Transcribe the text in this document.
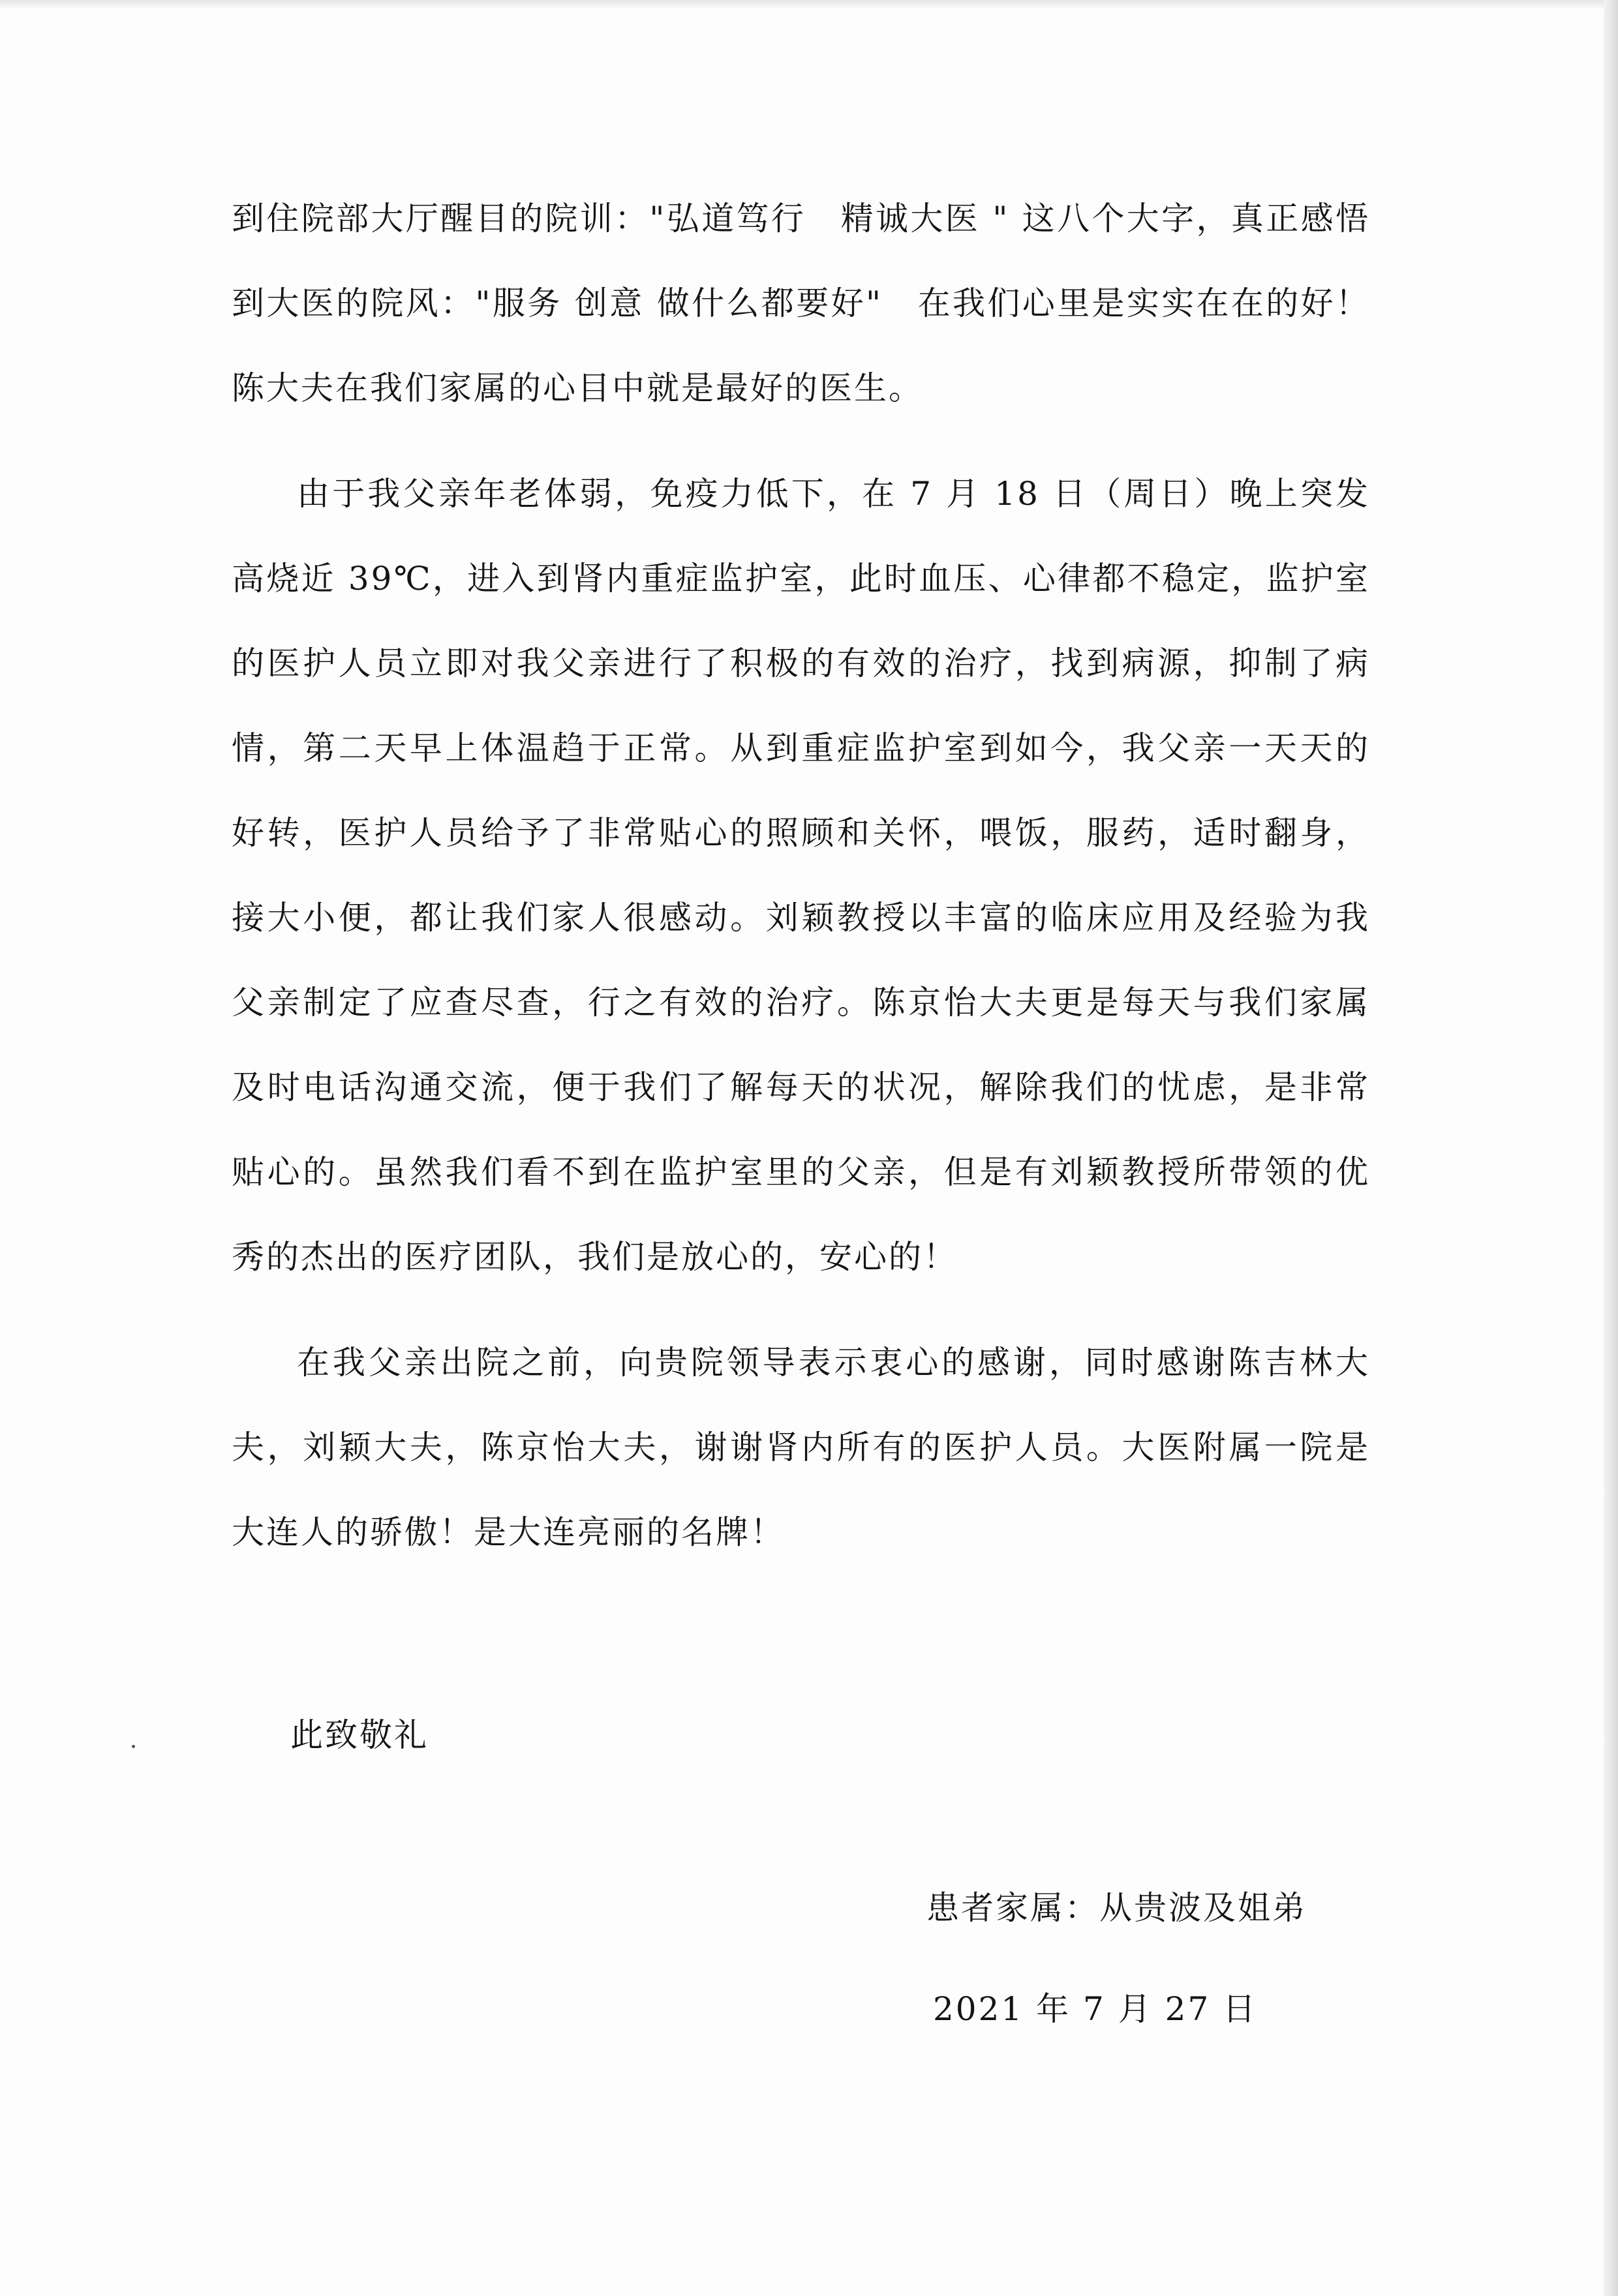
到住院部大厅醒目的院训："弘道笃行　精诚大医 " 这八个大字，真正感悟到大医的院风："服务 创意 做什么都要好"　在我们心里是实实在在的好！陈大夫在我们家属的心目中就是最好的医生。

由于我父亲年老体弱，免疫力低下，在 7 月 18 日（周日）晚上突发高烧近 39℃，进入到肾内重症监护室，此时血压、心律都不稳定，监护室的医护人员立即对我父亲进行了积极的有效的治疗，找到病源，抑制了病情，第二天早上体温趋于正常。从到重症监护室到如今，我父亲一天天的好转，医护人员给予了非常贴心的照顾和关怀，喂饭，服药，适时翻身，接大小便，都让我们家人很感动。刘颖教授以丰富的临床应用及经验为我父亲制定了应查尽查，行之有效的治疗。陈京怡大夫更是每天与我们家属及时电话沟通交流，便于我们了解每天的状况，解除我们的忧虑，是非常贴心的。虽然我们看不到在监护室里的父亲，但是有刘颖教授所带领的优秀的杰出的医疗团队，我们是放心的，安心的！

在我父亲出院之前，向贵院领导表示衷心的感谢，同时感谢陈吉林大夫，刘颖大夫，陈京怡大夫，谢谢肾内所有的医护人员。大医附属一院是大连人的骄傲！是大连亮丽的名牌！

此致敬礼
患者家属：从贵波及姐弟
2021 年 7 月 27 日
